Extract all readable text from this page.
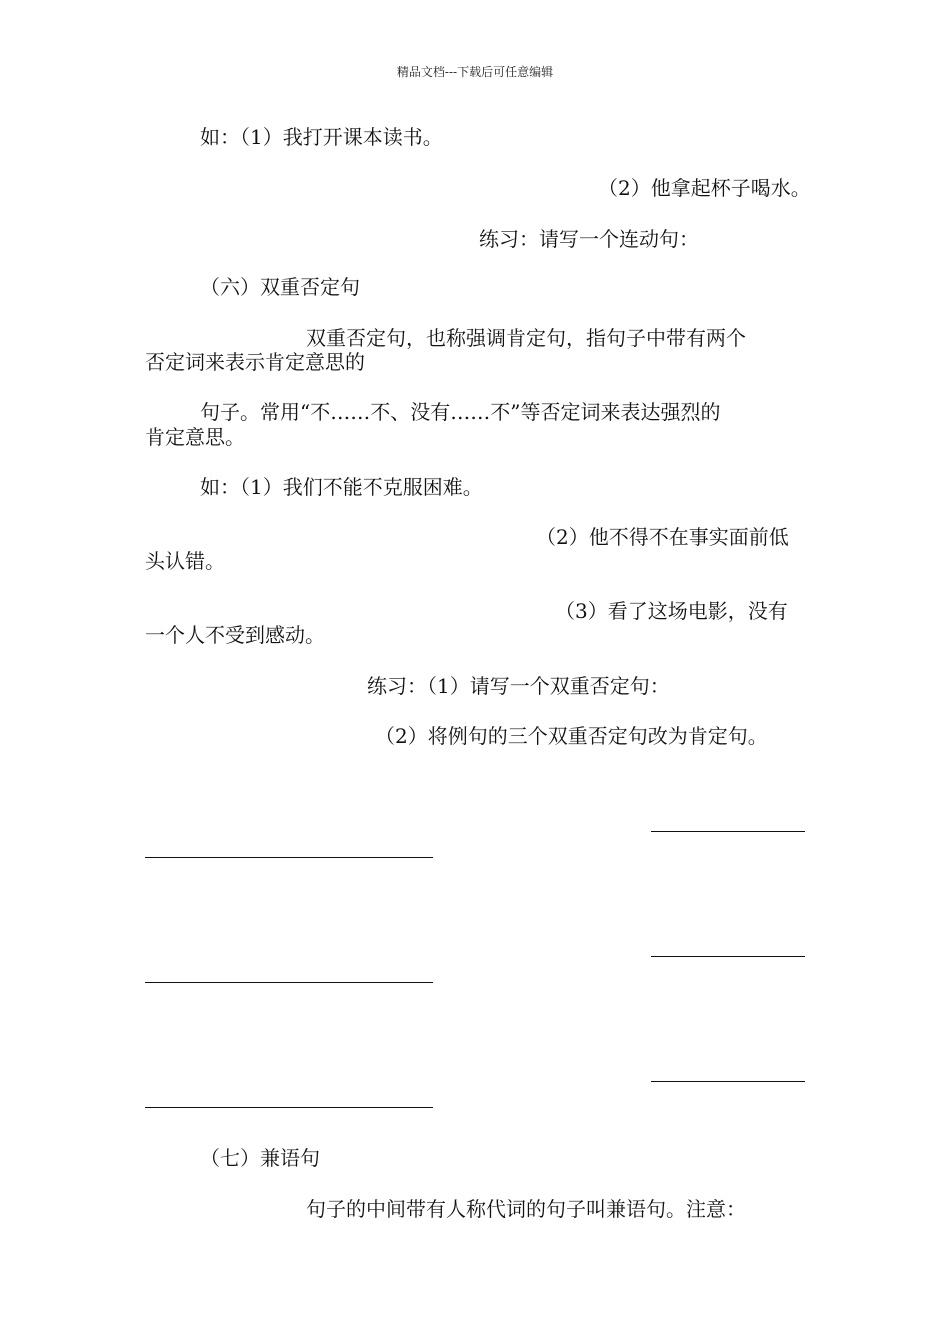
精品文档---下载后可任意编辑

如：（1）我打开课本读书。

（2）他拿起杯子喝水。

练习：请写一个连动句：

（六）双重否定句

双重否定句，也称强调肯定句，指句子中带有两个

否定词来表示肯定意思的

句子。常用“不……不、没有……不”等否定词来表达强烈的

肯定意思。

如：（1）我们不能不克服困难。

（2）他不得不在事实面前低

头认错。

（3）看了这场电影，没有

一个人不受到感动。

练习：（1）请写一个双重否定句：

（2）将例句的三个双重否定句改为肯定句。

（七）兼语句

句子的中间带有人称代词的句子叫兼语句。注意：
